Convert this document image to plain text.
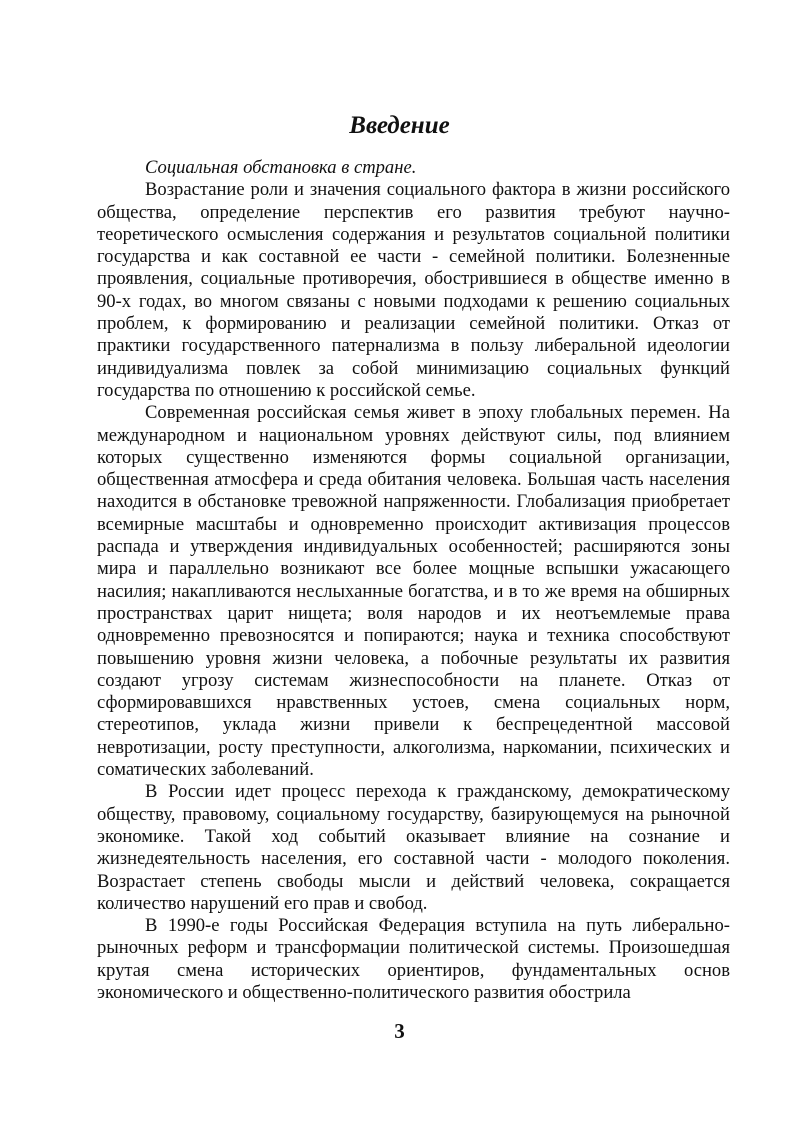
Введение

Социальная обстановка в стране.

Возрастание роли и значения социального фактора в жизни российского общества, определение перспектив его развития требуют научно-теоретического осмысления содержания и результатов социальной политики государства и как составной ее части - семейной политики. Болезненные проявления, социальные противоречия, обострившиеся в обществе именно в 90-х годах, во многом связаны с новыми подходами к решению социальных проблем, к формированию и реализации семейной политики. Отказ от практики государственного патернализма в пользу либеральной идеологии индивидуализма повлек за собой минимизацию социальных функций государства по отношению к российской семье.

Современная российская семья живет в эпоху глобальных перемен. На международном и национальном уровнях действуют силы, под влиянием которых существенно изменяются формы социальной организации, общественная атмосфера и среда обитания человека. Большая часть населения находится в обстановке тревожной напряженности. Глобализация приобретает всемирные масштабы и одновременно происходит активизация процессов распада и утверждения индивидуальных особенностей; расширяются зоны мира и параллельно возникают все более мощные вспышки ужасающего насилия; накапливаются неслыханные богатства, и в то же время на обширных пространствах царит нищета; воля народов и их неотъемлемые права одновременно превозносятся и попираются; наука и техника способствуют повышению уровня жизни человека, а побочные результаты их развития создают угрозу системам жизнеспособности на планете. Отказ от сформировавшихся нравственных устоев, смена социальных норм, стереотипов, уклада жизни привели к беспрецедентной массовой невротизации, росту преступности, алкоголизма, наркомании, психических и соматических заболеваний.

В России идет процесс перехода к гражданскому, демократическому обществу, правовому, социальному государству, базирующемуся на рыночной экономике. Такой ход событий оказывает влияние на сознание и жизнедеятельность населения, его составной части - молодого поколения. Возрастает степень свободы мысли и действий человека, сокращается количество нарушений его прав и свобод.

В 1990-е годы Российская Федерация вступила на путь либерально-рыночных реформ и трансформации политической системы. Произошедшая крутая смена исторических ориентиров, фундаментальных основ экономического и общественно-политического развития обострила

3
